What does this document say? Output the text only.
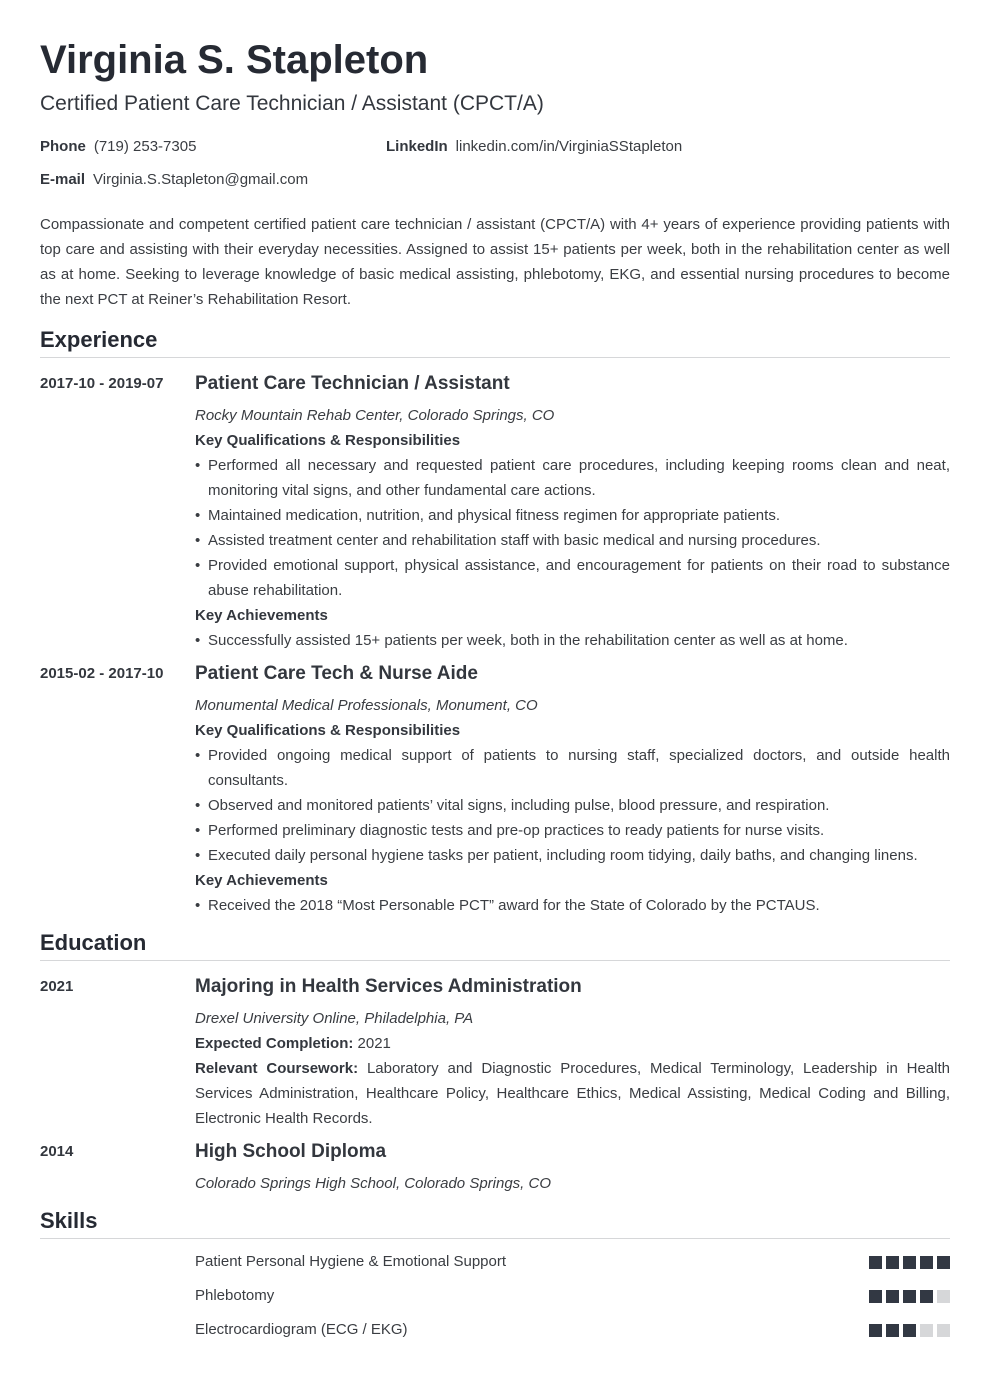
Virginia S. Stapleton
Certified Patient Care Technician / Assistant (CPCT/A)
Phone (719) 253-7305	LinkedIn linkedin.com/in/VirginiaSStapleton
E-mail Virginia.S.Stapleton@gmail.com
Compassionate and competent certified patient care technician / assistant (CPCT/A) with 4+ years of experience providing patients with top care and assisting with their everyday necessities. Assigned to assist 15+ patients per week, both in the rehabilitation center as well as at home. Seeking to leverage knowledge of basic medical assisting, phlebotomy, EKG, and essential nursing procedures to become the next PCT at Reiner’s Rehabilitation Resort.
Experience
2017-10 - 2019-07 Patient Care Technician / Assistant
Rocky Mountain Rehab Center, Colorado Springs, CO
Key Qualifications & Responsibilities
• Performed all necessary and requested patient care procedures, including keeping rooms clean and neat, monitoring vital signs, and other fundamental care actions.
• Maintained medication, nutrition, and physical fitness regimen for appropriate patients.
• Assisted treatment center and rehabilitation staff with basic medical and nursing procedures.
• Provided emotional support, physical assistance, and encouragement for patients on their road to substance abuse rehabilitation.
Key Achievements
• Successfully assisted 15+ patients per week, both in the rehabilitation center as well as at home.
2015-02 - 2017-10 Patient Care Tech & Nurse Aide
Monumental Medical Professionals, Monument, CO
Key Qualifications & Responsibilities
• Provided ongoing medical support of patients to nursing staff, specialized doctors, and outside health consultants.
• Observed and monitored patients’ vital signs, including pulse, blood pressure, and respiration.
• Performed preliminary diagnostic tests and pre-op practices to ready patients for nurse visits.
• Executed daily personal hygiene tasks per patient, including room tidying, daily baths, and changing linens.
Key Achievements
• Received the 2018 “Most Personable PCT” award for the State of Colorado by the PCTAUS.
Education
2021	Majoring in Health Services Administration
Drexel University Online, Philadelphia, PA
Expected Completion: 2021
Relevant Coursework: Laboratory and Diagnostic Procedures, Medical Terminology, Leadership in Health Services Administration, Healthcare Policy, Healthcare Ethics, Medical Assisting, Medical Coding and Billing, Electronic Health Records.
2014	High School Diploma
Colorado Springs High School, Colorado Springs, CO
Skills
Patient Personal Hygiene & Emotional Support
Phlebotomy
Electrocardiogram (ECG / EKG)
